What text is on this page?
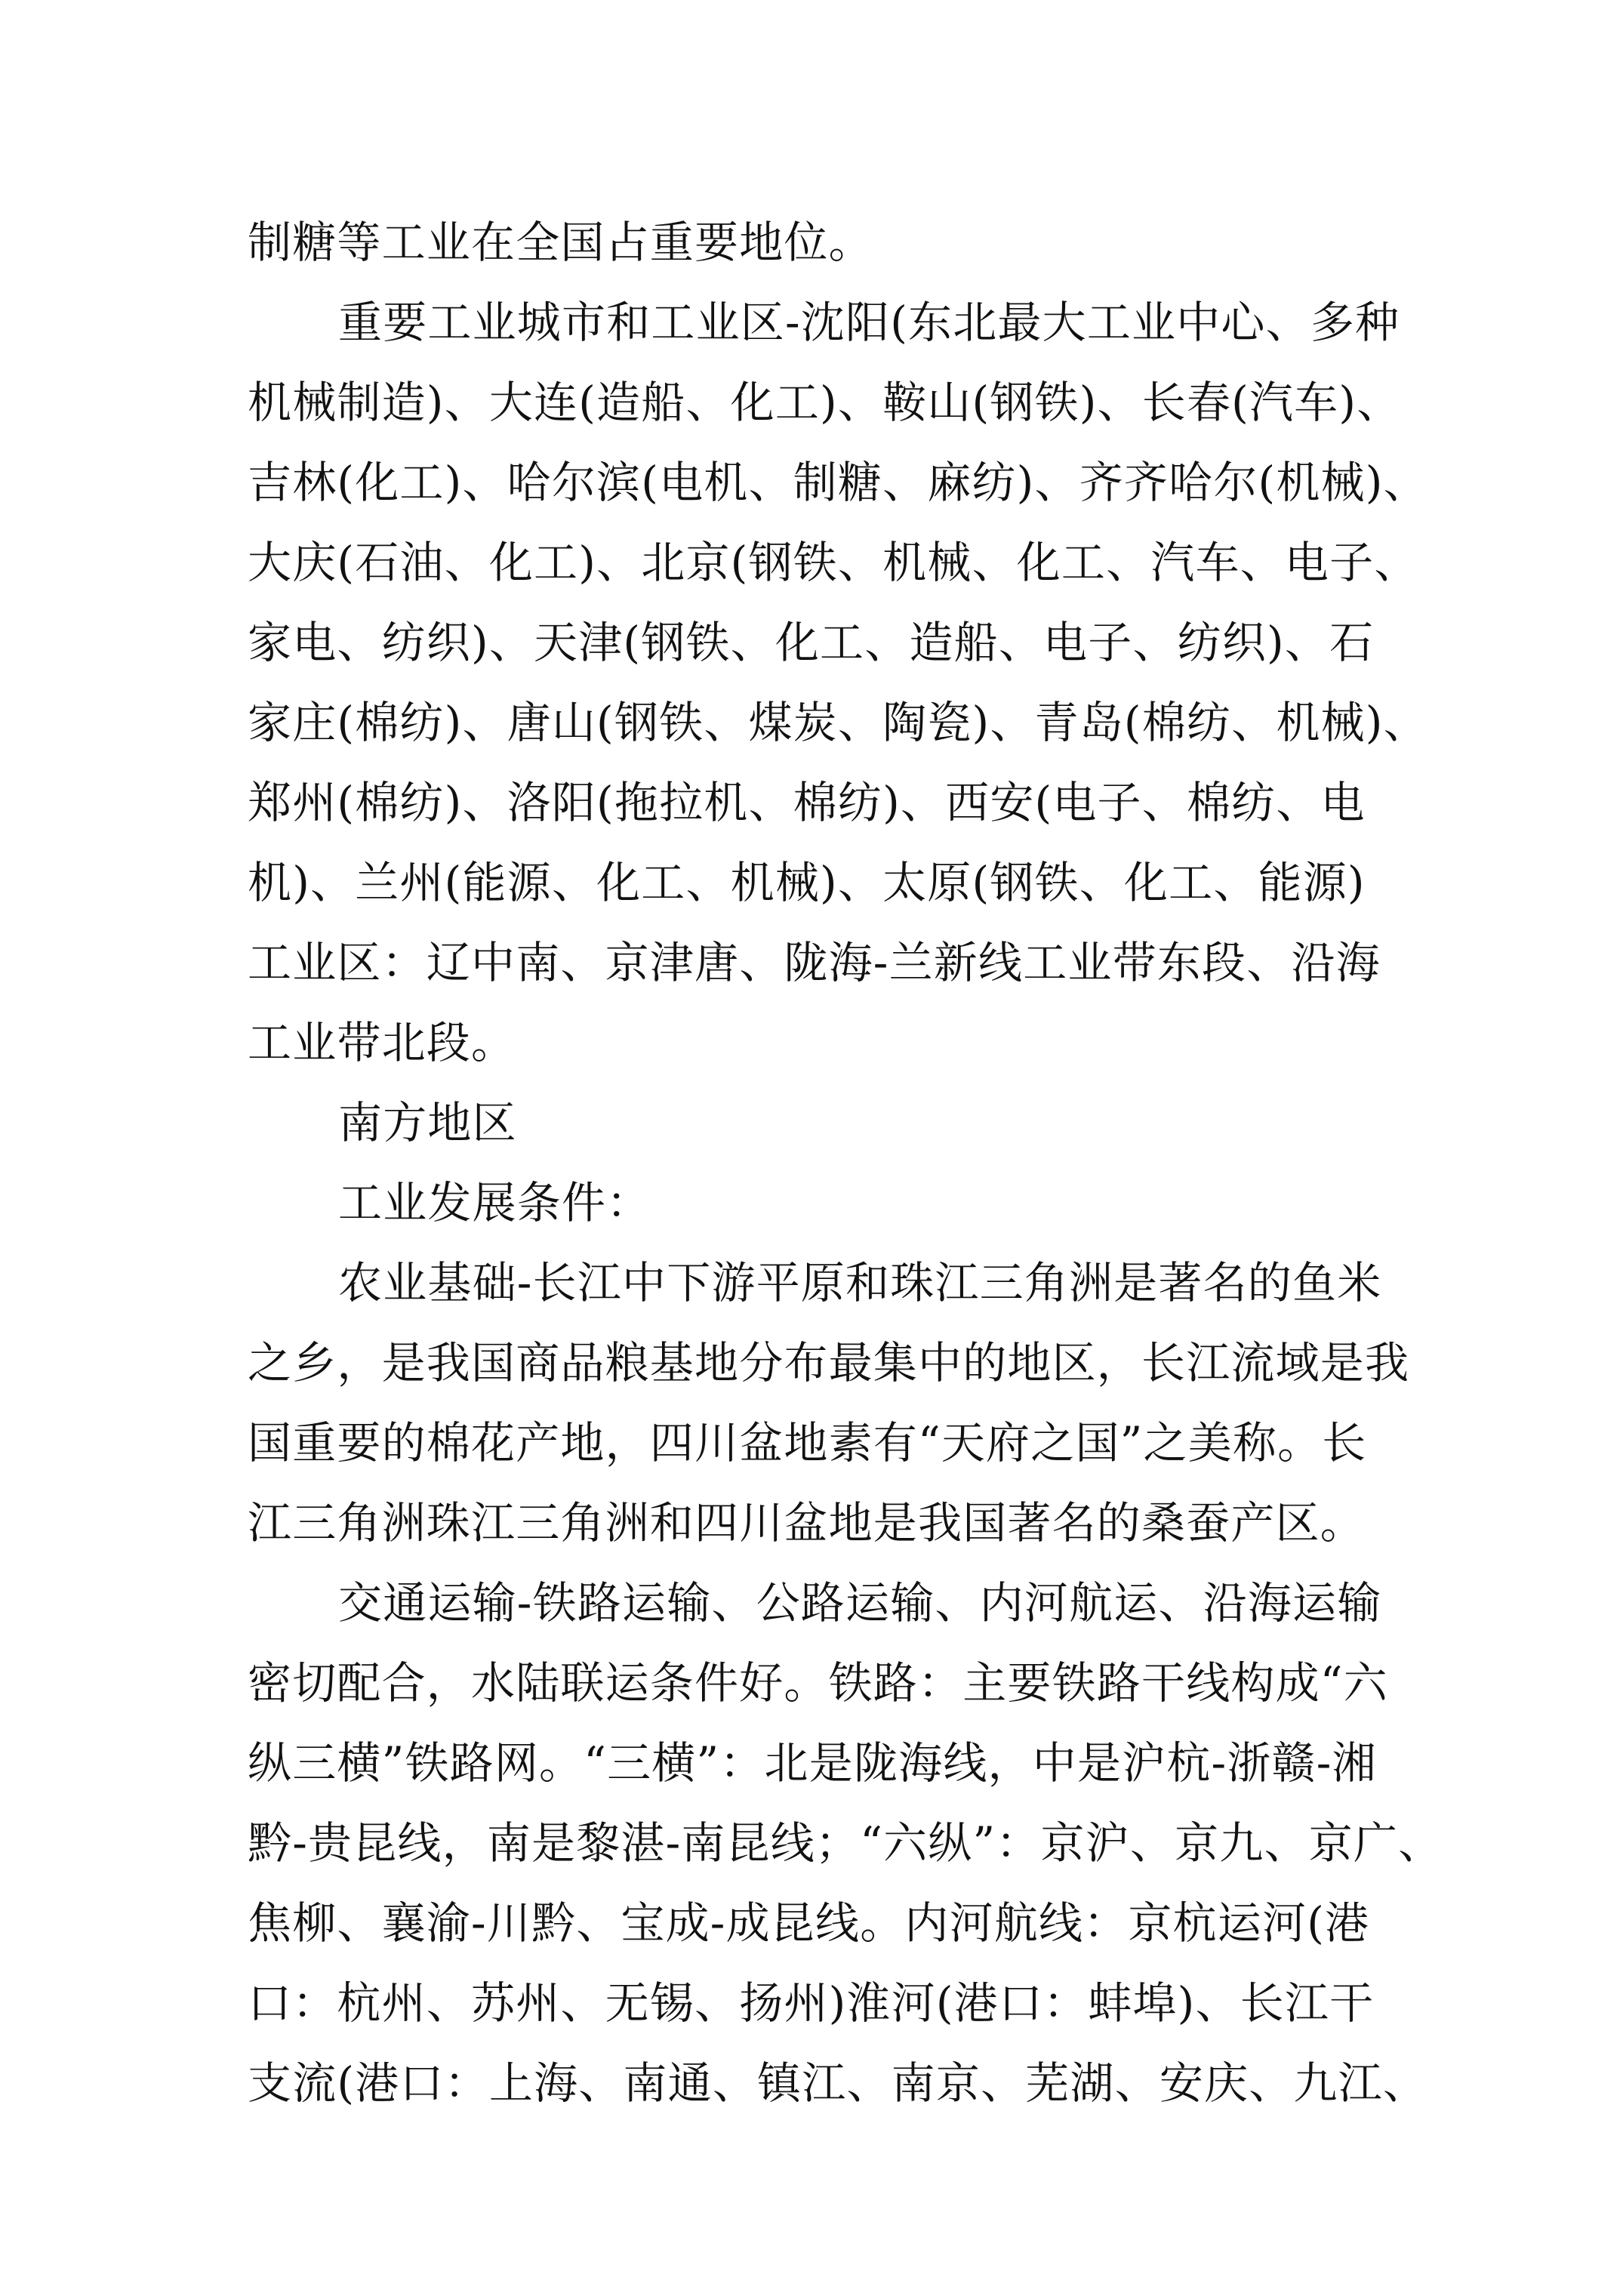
制糖等工业在全国占重要地位。
重要工业城市和工业区-沈阳(东北最大工业中心、多种
机械制造)、大连(造船、化工)、鞍山(钢铁)、长春(汽车)、
吉林(化工)、哈尔滨(电机、制糖、麻纺)、齐齐哈尔(机械)、
大庆(石油、化工)、北京(钢铁、机械、化工、汽车、电子、
家电、纺织)、天津(钢铁、化工、造船、电子、纺织)、石
家庄(棉纺)、唐山(钢铁、煤炭、陶瓷)、青岛(棉纺、机械)、
郑州(棉纺)、洛阳(拖拉机、棉纺)、西安(电子、棉纺、电
机)、兰州(能源、化工、机械)、太原(钢铁、化工、能源)
工业区：辽中南、京津唐、陇海-兰新线工业带东段、沿海
工业带北段。
南方地区
工业发展条件：
农业基础-长江中下游平原和珠江三角洲是著名的鱼米
之乡，是我国商品粮基地分布最集中的地区，长江流域是我
国重要的棉花产地，四川盆地素有“天府之国”之美称。长
江三角洲珠江三角洲和四川盆地是我国著名的桑蚕产区。
交通运输-铁路运输、公路运输、内河航运、沿海运输
密切配合，水陆联运条件好。铁路：主要铁路干线构成“六
纵三横”铁路网。“三横”：北是陇海线，中是沪杭-浙赣-湘
黔-贵昆线，南是黎湛-南昆线；“六纵”：京沪、京九、京广、
焦柳、襄渝-川黔、宝成-成昆线。内河航线：京杭运河(港
口：杭州、苏州、无锡、扬州)淮河(港口：蚌埠)、长江干
支流(港口：上海、南通、镇江、南京、芜湖、安庆、九江、
